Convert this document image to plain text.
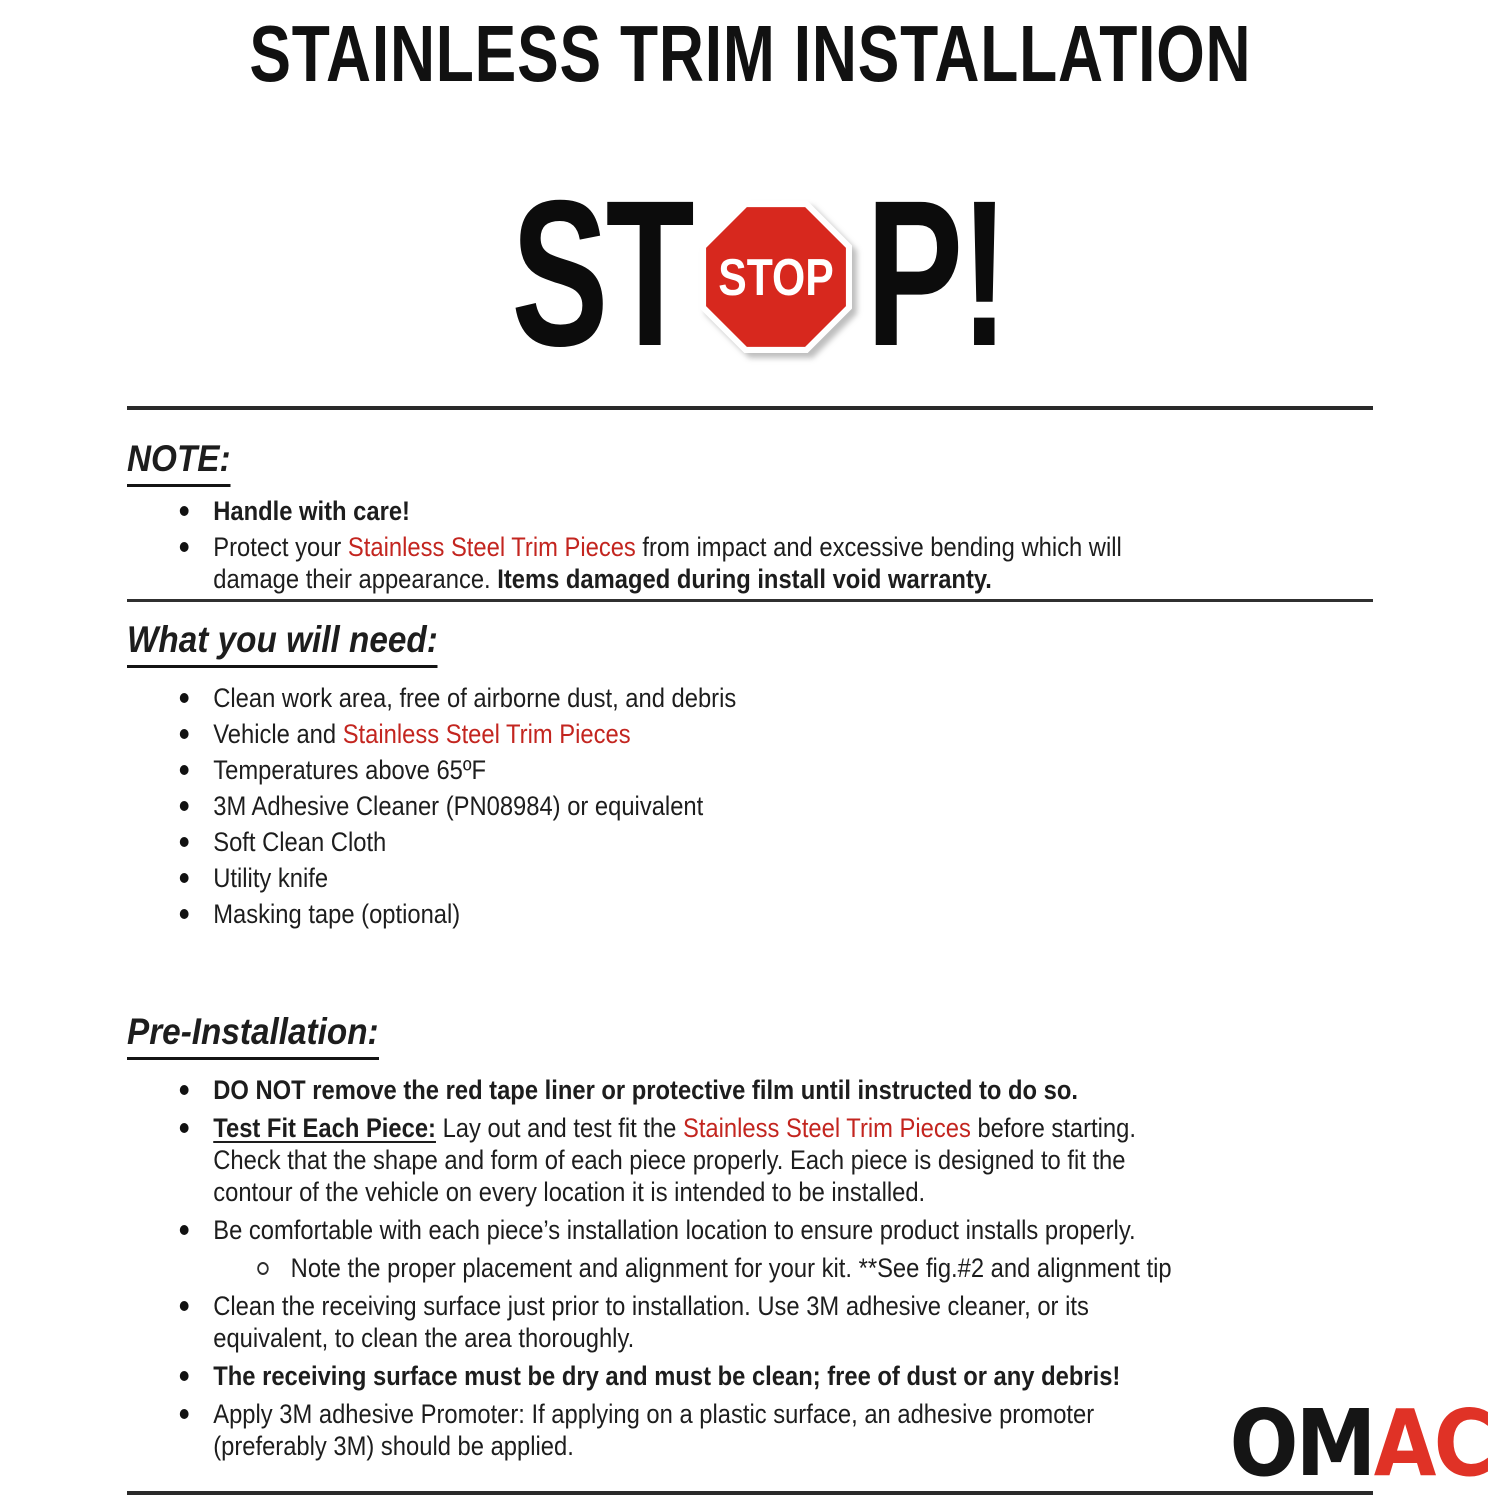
STAINLESS TRIM INSTALLATION
ST STOP P!
NOTE:
Handle with care!
Protect your Stainless Steel Trim Pieces from impact and excessive bending which will
damage their appearance. Items damaged during install void warranty.
What you will need:
Clean work area, free of airborne dust, and debris
Vehicle and Stainless Steel Trim Pieces
Temperatures above 65ºF
3M Adhesive Cleaner (PN08984) or equivalent
Soft Clean Cloth
Utility knife
Masking tape (optional)
Pre-Installation:
DO NOT remove the red tape liner or protective film until instructed to do so.
Test Fit Each Piece: Lay out and test fit the Stainless Steel Trim Pieces before starting.
Check that the shape and form of each piece properly. Each piece is designed to fit the
contour of the vehicle on every location it is intended to be installed.
Be comfortable with each piece’s installation location to ensure product installs properly.
Note the proper placement and alignment for your kit. **See fig.#2 and alignment tip
Clean the receiving surface just prior to installation. Use 3M adhesive cleaner, or its
equivalent, to clean the area thoroughly.
The receiving surface must be dry and must be clean; free of dust or any debris!
Apply 3M adhesive Promoter: If applying on a plastic surface, an adhesive promoter
(preferably 3M) should be applied.	OMAC
